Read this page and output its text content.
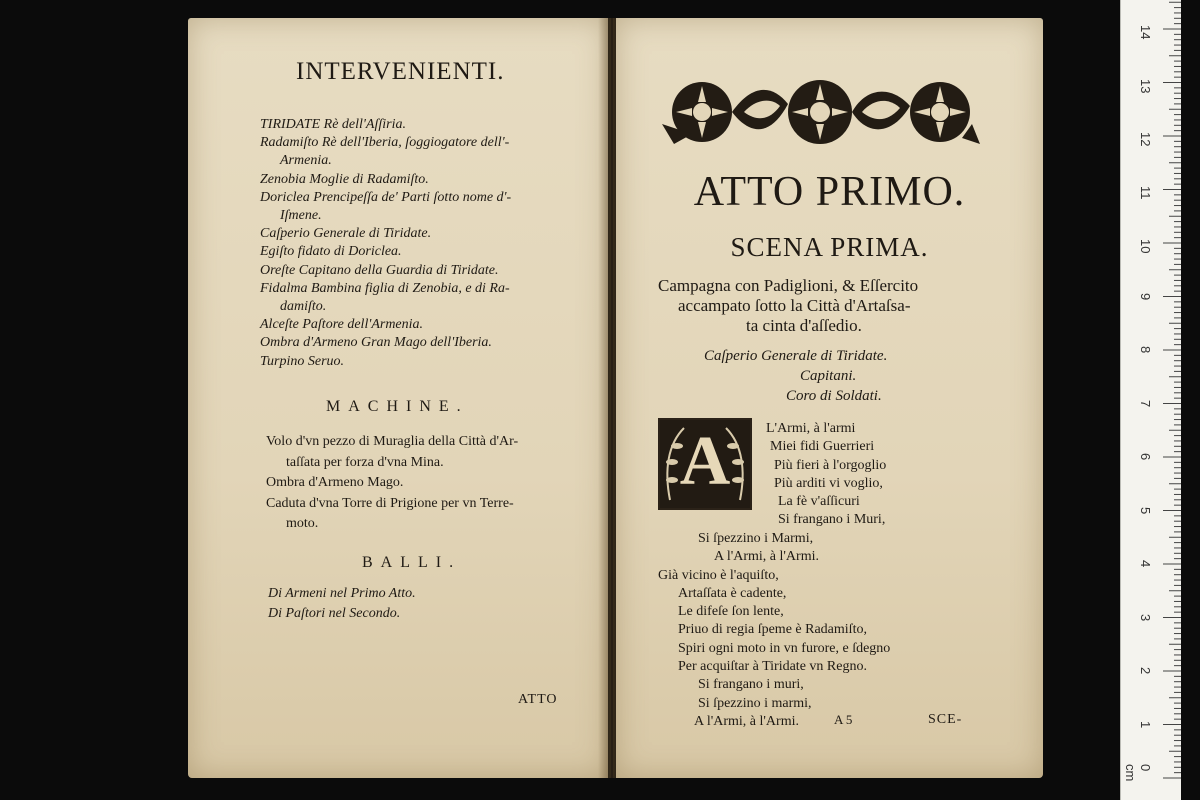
INTERVENIENTI.
TIRIDATE Rè dell'Aſſiria.
Radamiſto Rè dell'Iberia, ſoggiogatore dell'-
Armenia.
Zenobia Moglie di Radamiſto.
Doriclea Prencipeſſa de' Parti ſotto nome d'-
Iſmene.
Caſperio Generale di Tiridate.
Egiſto fidato di Doriclea.
Oreſte Capitano della Guardia di Tiridate.
Fidalma Bambina figlia di Zenobia, e di Ra-
damiſto.
Alceſte Paſtore dell'Armenia.
Ombra d'Armeno Gran Mago dell'Iberia.
Turpino Seruo.
MACHINE.
Volo d'vn pezzo di Muraglia della Città d'Ar-
taſſata per forza d'vna Mina.
Ombra d'Armeno Mago.
Caduta d'vna Torre di Prigione per vn Terre-
moto.
BALLI.
Di Armeni nel Primo Atto.
Di Paſtori nel Secondo.
ATTO
ATTO PRIMO.
SCENA PRIMA.
Campagna con Padiglioni, & Eſſercito
accampato ſotto la Città d'Artaſsa-
ta cinta d'aſſedio.
Caſperio Generale di Tiridate.
Capitani.
Coro di Soldati.
A	L'Armi, à l'armi
Miei fidi Guerrieri
Più fieri à l'orgoglio
Più arditi vi voglio,
La fè v'aſſicuri
Si frangano i Muri,
Si ſpezzino i Marmi,
A l'Armi, à l'Armi.
Già vicino è l'aquiſto,
Artaſſata è cadente,
Le difeſe ſon lente,
Priuo di regia ſpeme è Radamiſto,
Spiri ogni moto in vn furore, e ſdegno
Per acquiſtar à Tiridate vn Regno.
Si frangano i muri,
Si ſpezzino i marmi,
A l'Armi, à l'Armi.	A 5	SCE-
0 cm
1
2
3
4
5
6
7
8
9
10
11
12
13
14
